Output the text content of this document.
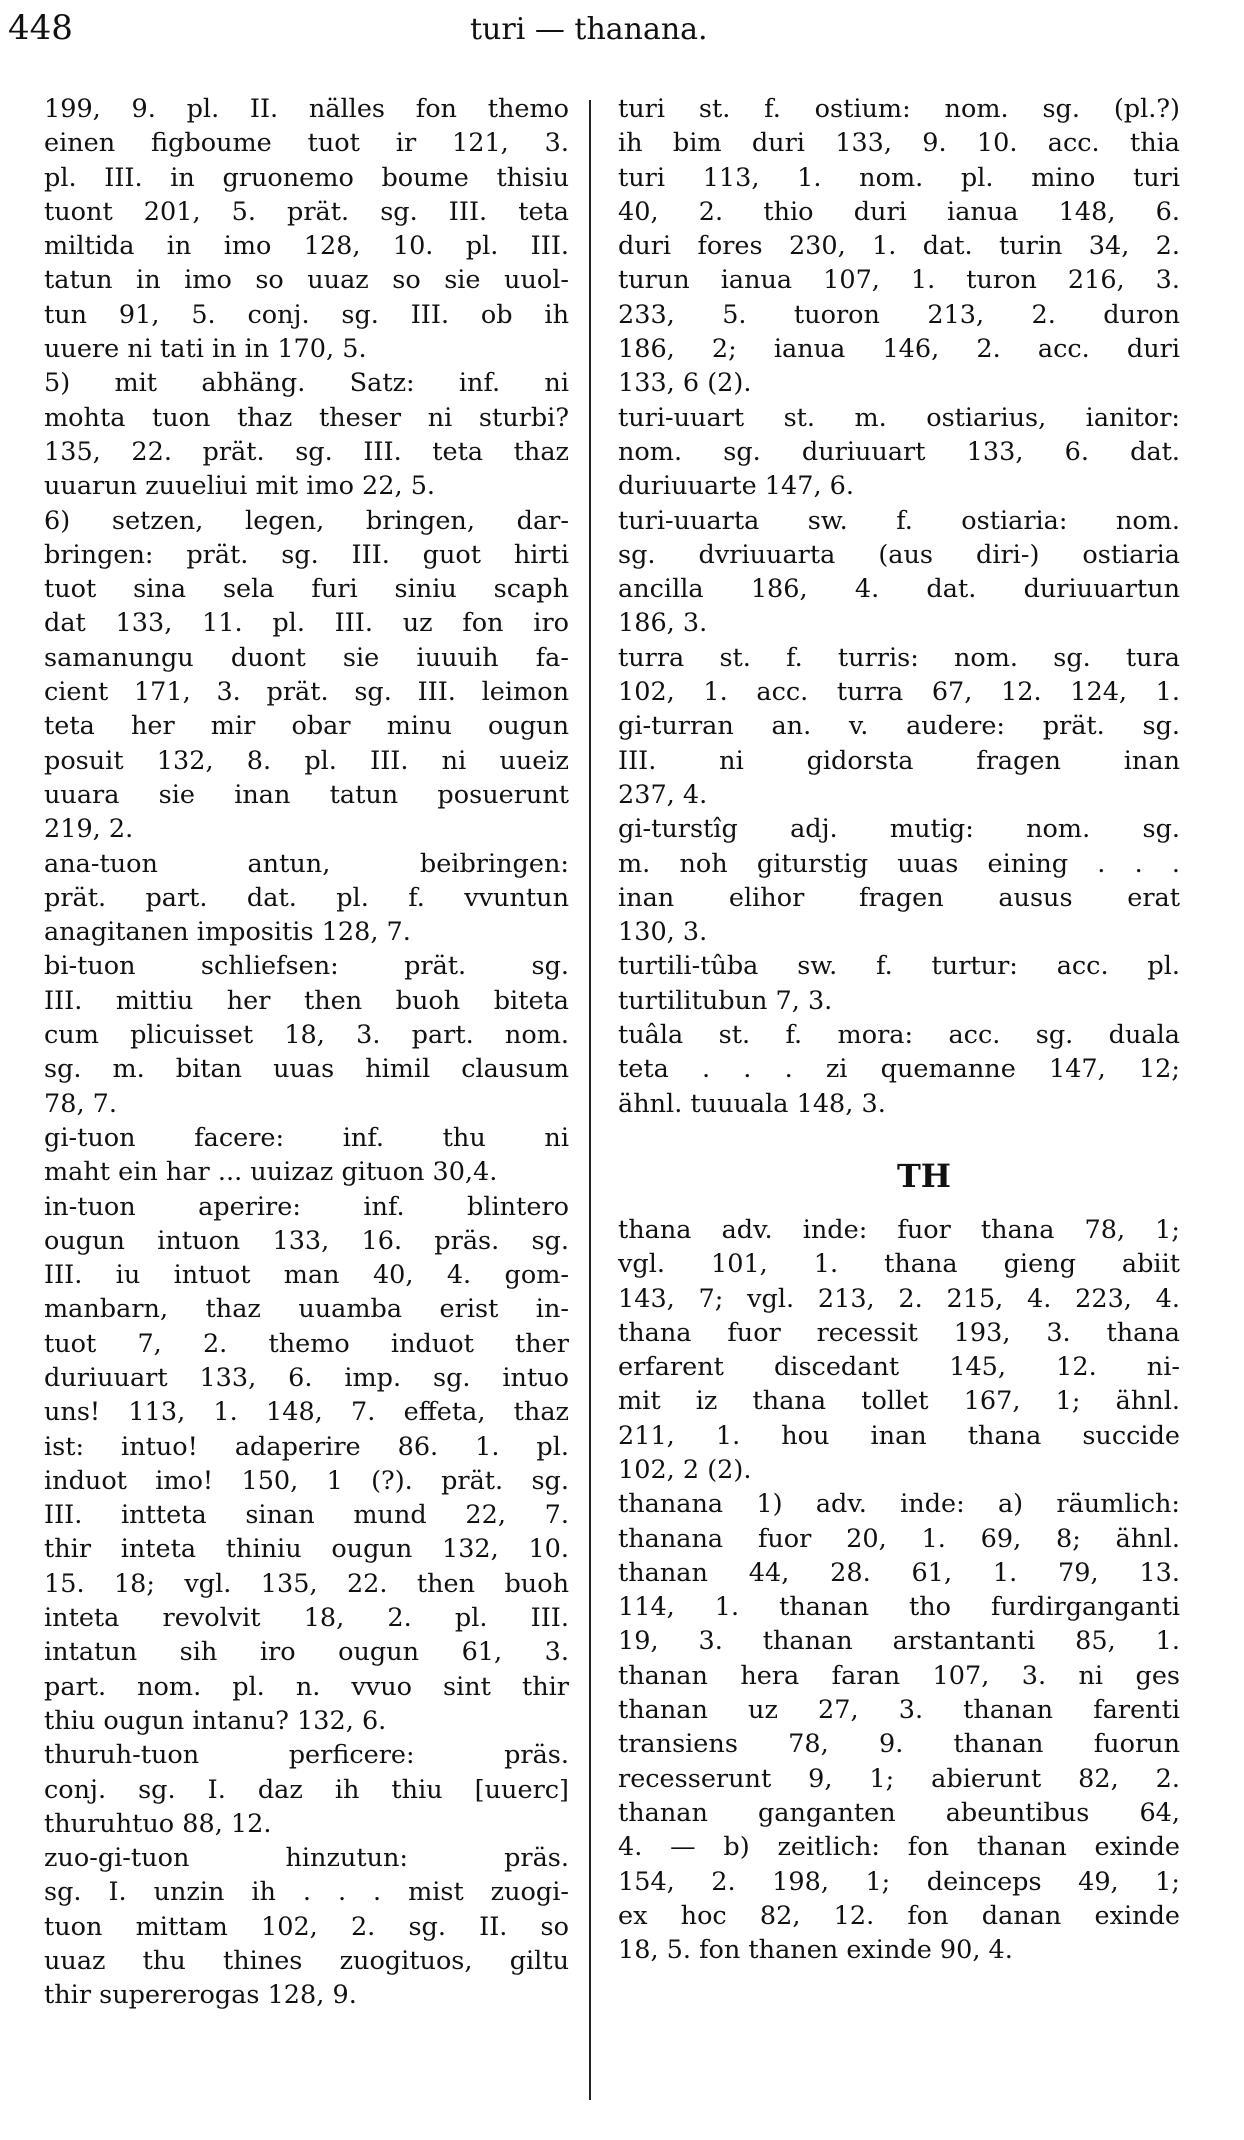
448	turi — thanana.
199, 9. pl. II. nälles fon themo
einen figboume tuot ir 121, 3.
pl. III. in gruonemo boume thisiu
tuont 201, 5. prät. sg. III. teta
miltida in imo 128, 10. pl. III.
tatun in imo so uuaz so sie uuol-
tun 91, 5. conj. sg. III. ob ih
uuere ni tati in in 170, 5.
5) mit abhäng. Satz: inf. ni
mohta tuon thaz theser ni sturbi?
135, 22. prät. sg. III. teta thaz
uuarun zuueliui mit imo 22, 5.
6) setzen, legen, bringen, dar-
bringen: prät. sg. III. guot hirti
tuot sina sela furi siniu scaph
dat 133, 11. pl. III. uz fon iro
samanungu duont sie iuuuih fa-
cient 171, 3. prät. sg. III. leimon
teta her mir obar minu ougun
posuit 132, 8. pl. III. ni uueiz
uuara sie inan tatun posuerunt
219, 2.
ana-tuon antun, beibringen:
prät. part. dat. pl. f. vvuntun
anagitanen impositis 128, 7.
bi-tuon schliefsen: prät. sg.
III. mittiu her then buoh biteta
cum plicuisset 18, 3. part. nom.
sg. m. bitan uuas himil clausum
78, 7.
gi-tuon facere: inf. thu ni
maht ein har ... uuizaz gituon 30,4.
in-tuon aperire: inf. blintero
ougun intuon 133, 16. präs. sg.
III. iu intuot man 40, 4. gom-
manbarn, thaz uuamba erist in-
tuot 7, 2. themo induot ther
duriuuart 133, 6. imp. sg. intuo
uns! 113, 1. 148, 7. effeta, thaz
ist: intuo! adaperire 86. 1. pl.
induot imo! 150, 1 (?). prät. sg.
III. intteta sinan mund 22, 7.
thir inteta thiniu ougun 132, 10.
15. 18; vgl. 135, 22. then buoh
inteta revolvit 18, 2. pl. III.
intatun sih iro ougun 61, 3.
part. nom. pl. n. vvuo sint thir
thiu ougun intanu? 132, 6.
thuruh-tuon perficere: präs.
conj. sg. I. daz ih thiu [uuerc]
thuruhtuo 88, 12.
zuo-gi-tuon hinzutun: präs.
sg. I. unzin ih . . . mist zuogi-
tuon mittam 102, 2. sg. II. so
uuaz thu thines zuogituos, giltu
thir supererogas 128, 9.
turi st. f. ostium: nom. sg. (pl.?)
ih bim duri 133, 9. 10. acc. thia
turi 113, 1. nom. pl. mino turi
40, 2. thio duri ianua 148, 6.
duri fores 230, 1. dat. turin 34, 2.
turun ianua 107, 1. turon 216, 3.
233, 5. tuoron 213, 2. duron
186, 2; ianua 146, 2. acc. duri
133, 6 (2).
turi-uuart st. m. ostiarius, ianitor:
nom. sg. duriuuart 133, 6. dat.
duriuuarte 147, 6.
turi-uuarta sw. f. ostiaria: nom.
sg. dvriuuarta (aus diri-) ostiaria
ancilla 186, 4. dat. duriuuartun
186, 3.
turra st. f. turris: nom. sg. tura
102, 1. acc. turra 67, 12. 124, 1.
gi-turran an. v. audere: prät. sg.
III. ni gidorsta fragen inan
237, 4.
gi-turstîg adj. mutig: nom. sg.
m. noh giturstig uuas eining . . .
inan elihor fragen ausus erat
130, 3.
turtili-tûba sw. f. turtur: acc. pl.
turtilitubun 7, 3.
tuâla st. f. mora: acc. sg. duala
teta . . . zi quemanne 147, 12;
ähnl. tuuuala 148, 3.
TH
thana adv. inde: fuor thana 78, 1;
vgl. 101, 1. thana gieng abiit
143, 7; vgl. 213, 2. 215, 4. 223, 4.
thana fuor recessit 193, 3. thana
erfarent discedant 145, 12. ni-
mit iz thana tollet 167, 1; ähnl.
211, 1. hou inan thana succide
102, 2 (2).
thanana 1) adv. inde: a) räumlich:
thanana fuor 20, 1. 69, 8; ähnl.
thanan 44, 28. 61, 1. 79, 13.
114, 1. thanan tho furdirganganti
19, 3. thanan arstantanti 85, 1.
thanan hera faran 107, 3. ni ges
thanan uz 27, 3. thanan farenti
transiens 78, 9. thanan fuorun
recesserunt 9, 1; abierunt 82, 2.
thanan ganganten abeuntibus 64,
4. — b) zeitlich: fon thanan exinde
154, 2. 198, 1; deinceps 49, 1;
ex hoc 82, 12. fon danan exinde
18, 5. fon thanen exinde 90, 4.
